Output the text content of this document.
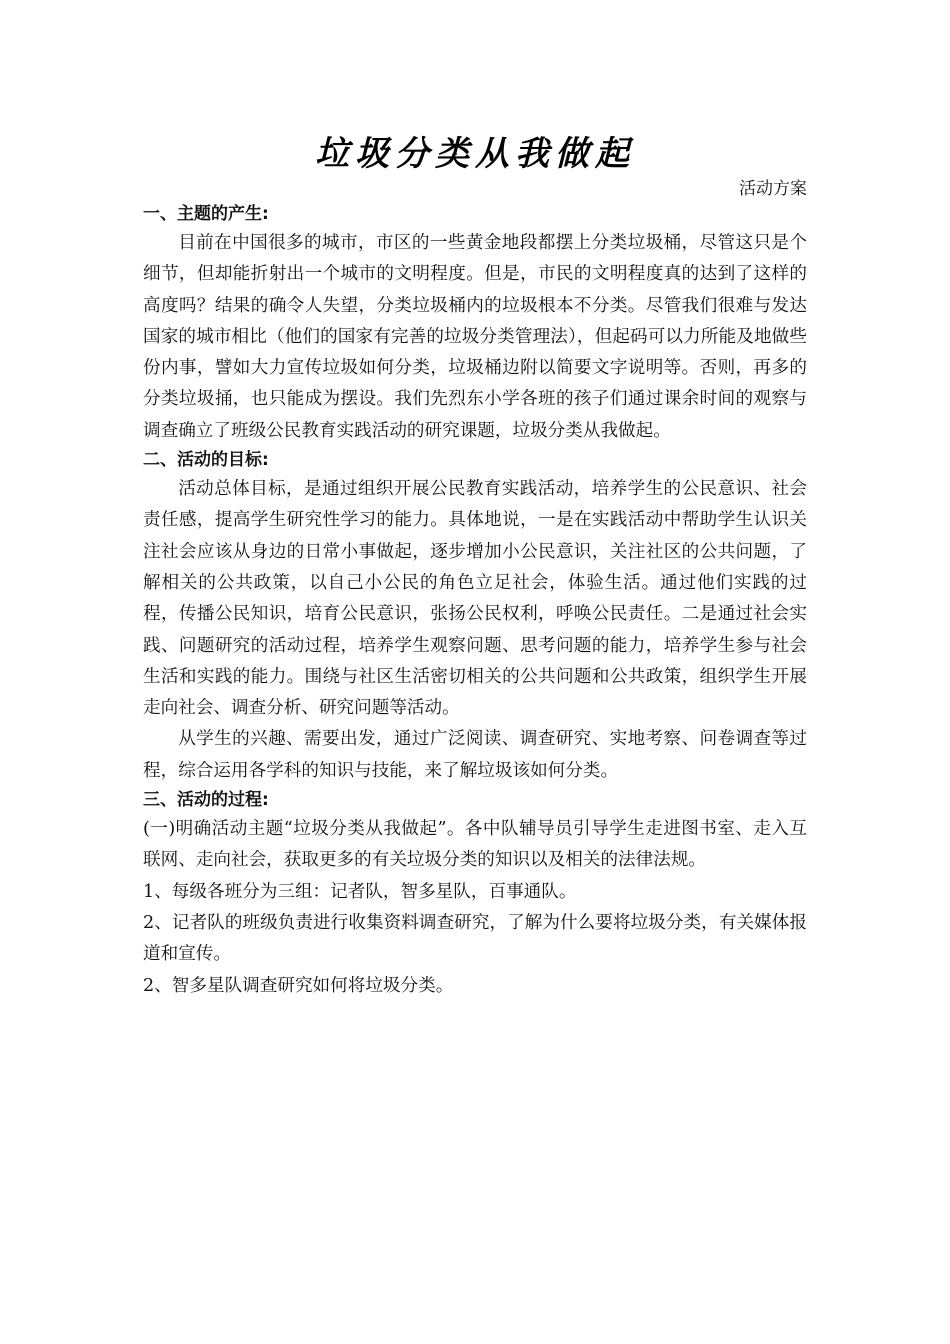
垃圾分类从我做起
活动方案
一、主题的产生:

目前在中国很多的城市，市区的一些黄金地段都摆上分类垃圾桶，尽管这只是个细节，但却能折射出一个城市的文明程度。但是，市民的文明程度真的达到了这样的高度吗？结果的确令人失望，分类垃圾桶内的垃圾根本不分类。尽管我们很难与发达国家的城市相比（他们的国家有完善的垃圾分类管理法），但起码可以力所能及地做些份内事，譬如大力宣传垃圾如何分类，垃圾桶边附以简要文字说明等。否则，再多的分类垃圾捅，也只能成为摆设。我们先烈东小学各班的孩子们通过课余时间的观察与调查确立了班级公民教育实践活动的研究课题，垃圾分类从我做起。

二、活动的目标:

活动总体目标，是通过组织开展公民教育实践活动，培养学生的公民意识、社会责任感，提高学生研究性学习的能力。具体地说，一是在实践活动中帮助学生认识关注社会应该从身边的日常小事做起，逐步增加小公民意识，关注社区的公共问题，了解相关的公共政策，以自己小公民的角色立足社会，体验生活。通过他们实践的过程，传播公民知识，培育公民意识，张扬公民权利，呼唤公民责任。二是通过社会实践、问题研究的活动过程，培养学生观察问题、思考问题的能力，培养学生参与社会生活和实践的能力。围绕与社区生活密切相关的公共问题和公共政策，组织学生开展走向社会、调查分析、研究问题等活动。

从学生的兴趣、需要出发，通过广泛阅读、调查研究、实地考察、问卷调查等过程，综合运用各学科的知识与技能，来了解垃圾该如何分类。

三、活动的过程:

(一)明确活动主题“垃圾分类从我做起”。各中队辅导员引导学生走进图书室、走入互联网、走向社会，获取更多的有关垃圾分类的知识以及相关的法律法规。

1、每级各班分为三组：记者队，智多星队，百事通队。

2、记者队的班级负责进行收集资料调查研究，了解为什么要将垃圾分类，有关媒体报道和宣传。

2、智多星队调查研究如何将垃圾分类。
